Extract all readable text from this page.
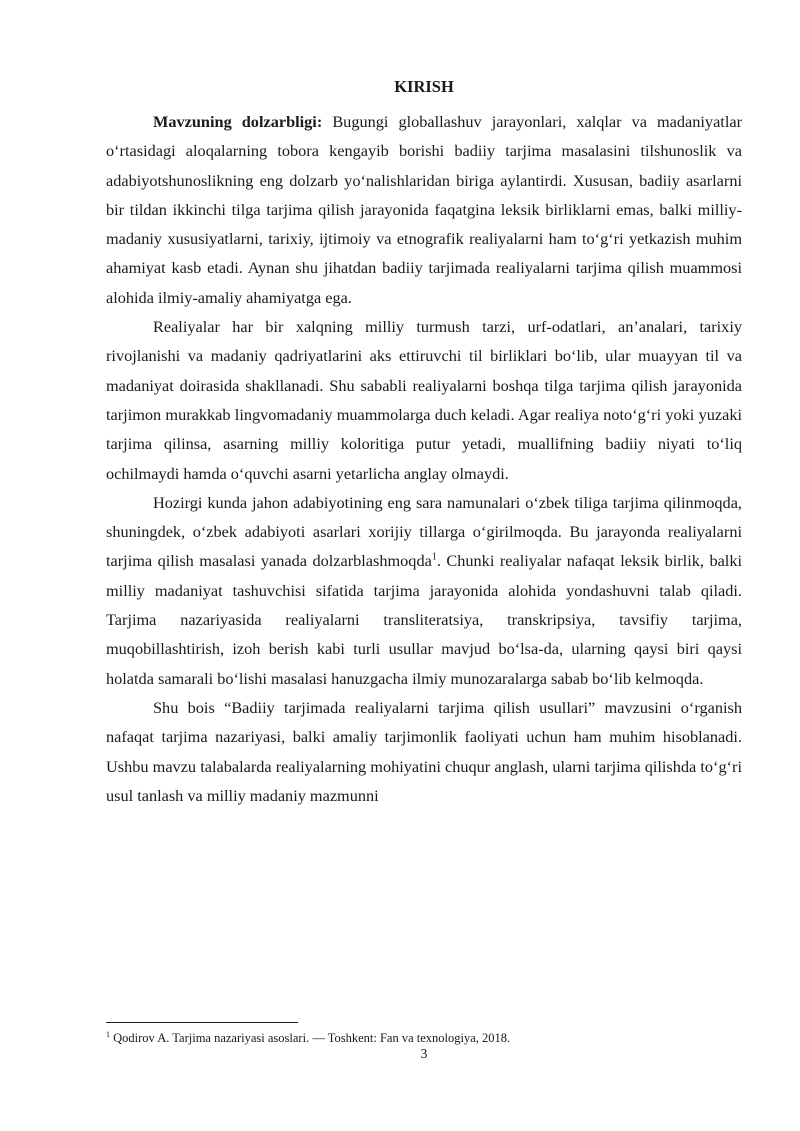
KIRISH

Mavzuning dolzarbligi: Bugungi globallashuv jarayonlari, xalqlar va madaniyatlar o‘rtasidagi aloqalarning tobora kengayib borishi badiiy tarjima masalasini tilshunoslik va adabiyotshunoslikning eng dolzarb yo‘nalishlaridan biriga aylantirdi. Xususan, badiiy asarlarni bir tildan ikkinchi tilga tarjima qilish jarayonida faqatgina leksik birliklarni emas, balki milliy-madaniy xususiyatlarni, tarixiy, ijtimoiy va etnografik realiyalarni ham to‘g‘ri yetkazish muhim ahamiyat kasb etadi. Aynan shu jihatdan badiiy tarjimada realiyalarni tarjima qilish muammosi alohida ilmiy-amaliy ahamiyatga ega.

Realiyalar har bir xalqning milliy turmush tarzi, urf-odatlari, an’analari, tarixiy rivojlanishi va madaniy qadriyatlarini aks ettiruvchi til birliklari bo‘lib, ular muayyan til va madaniyat doirasida shakllanadi. Shu sababli realiyalarni boshqa tilga tarjima qilish jarayonida tarjimon murakkab lingvomadaniy muammolarga duch keladi. Agar realiya noto‘g‘ri yoki yuzaki tarjima qilinsa, asarning milliy koloritiga putur yetadi, muallifning badiiy niyati to‘liq ochilmaydi hamda o‘quvchi asarni yetarlicha anglay olmaydi.

Hozirgi kunda jahon adabiyotining eng sara namunalari o‘zbek tiliga tarjima qilinmoqda, shuningdek, o‘zbek adabiyoti asarlari xorijiy tillarga o‘girilmoqda. Bu jarayonda realiyalarni tarjima qilish masalasi yanada dolzarblashmoqda$^1$. Chunki realiyalar nafaqat leksik birlik, balki milliy madaniyat tashuvchisi sifatida tarjima jarayonida alohida yondashuvni talab qiladi. Tarjima nazariyasida realiyalarni transliteratsiya, transkripsiya, tavsifiy tarjima, muqobillashtirish, izoh berish kabi turli usullar mavjud bo‘lsa-da, ularning qaysi biri qaysi holatda samarali bo‘lishi masalasi hanuzgacha ilmiy munozaralarga sabab bo‘lib kelmoqda.

Shu bois “Badiiy tarjimada realiyalarni tarjima qilish usullari” mavzusini o‘rganish nafaqat tarjima nazariyasi, balki amaliy tarjimonlik faoliyati uchun ham muhim hisoblanadi. Ushbu mavzu talabalarda realiyalarning mohiyatini chuqur anglash, ularni tarjima qilishda to‘g‘ri usul tanlash va milliy madaniy mazmunni

$^1$ Qodirov A. Tarjima nazariyasi asoslari. — Toshkent: Fan va texnologiya, 2018.
3
